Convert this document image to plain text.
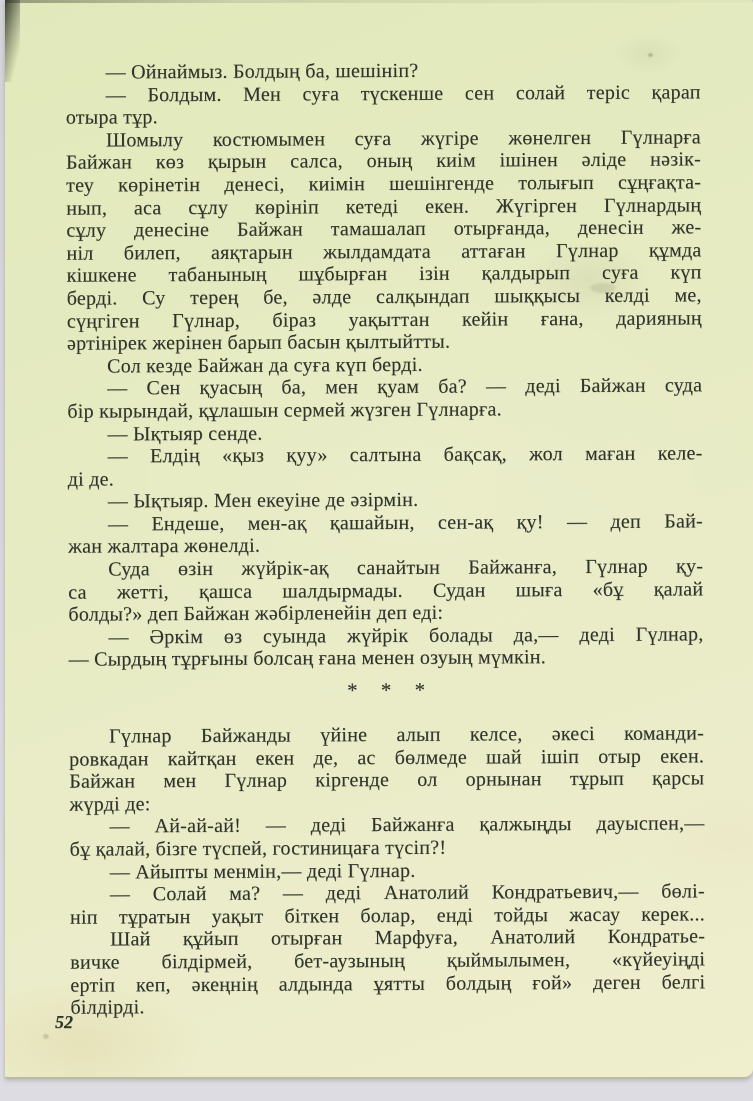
— Ойнаймыз. Болдың ба, шешініп?
— Болдым. Мен суға түскенше сен солай теріс қарап
отыра тұр.
Шомылу костюмымен суға жүгіре жөнелген Гүлнарға
Байжан көз қырын салса, оның киім ішінен әліде нәзік-
теу көрінетін денесі, киімін шешінгенде толығып сұңғақта-
нып, аса сұлу көрініп кетеді екен. Жүгірген Гүлнардың
сұлу денесіне Байжан тамашалап отырғанда, денесін же-
ніл билеп, аяқтарын жылдамдата аттаған Гүлнар құмда
кішкене табанының шұбырған ізін қалдырып суға күп
берді. Су терең бе, әлде салқындап шыққысы келді ме,
сүңгіген Гүлнар, біраз уақыттан кейін ғана, дарияның
әртінірек жерінен барып басын қылтыйтты.
Сол кезде Байжан да суға күп берді.
— Сен қуасың ба, мен қуам ба? — деді Байжан суда
бір кырындай, құлашын сермей жүзген Гүлнарға.
— Ықтыяр сенде.
— Елдің «қыз қуу» салтына бақсақ, жол маған келе-
ді де.
— Ықтыяр. Мен екеуіне де әзірмін.
— Ендеше, мен-ақ қашайын, сен-ақ қу! — деп Бай-
жан жалтара жөнелді.
Суда өзін жүйрік-ақ санайтын Байжанға, Гүлнар қу-
са жетті, қашса шалдырмады. Судан шыға «бұ қалай
болды?» деп Байжан жәбірленейін деп еді:
— Әркім өз суында жүйрік болады да,— деді Гүлнар,
— Сырдың тұрғыны болсаң ғана менен озуың мүмкін.
* * *
Гүлнар Байжанды үйіне алып келсе, әкесі команди-
ровкадан кайтқан екен де, ас бөлмеде шай ішіп отыр екен.
Байжан мен Гүлнар кіргенде ол орнынан тұрып қарсы
жүрді де:
— Ай-ай-ай! — деді Байжанға қалжыңды дауыспен,—
бұ қалай, бізге түспей, гостиницаға түсіп?!
— Айыпты менмін,— деді Гүлнар.
— Солай ма? — деді Анатолий Кондратьевич,— бөлі-
ніп тұратын уақыт біткен болар, енді тойды жасау керек...
Шай құйып отырған Марфуға, Анатолий Кондратье-
вичке білдірмей, бет-аузының қыймылымен, «күйеуіңді
ертіп кеп, әкеңнің алдында ұятты болдың ғой» деген белгі
білдірді.
52
